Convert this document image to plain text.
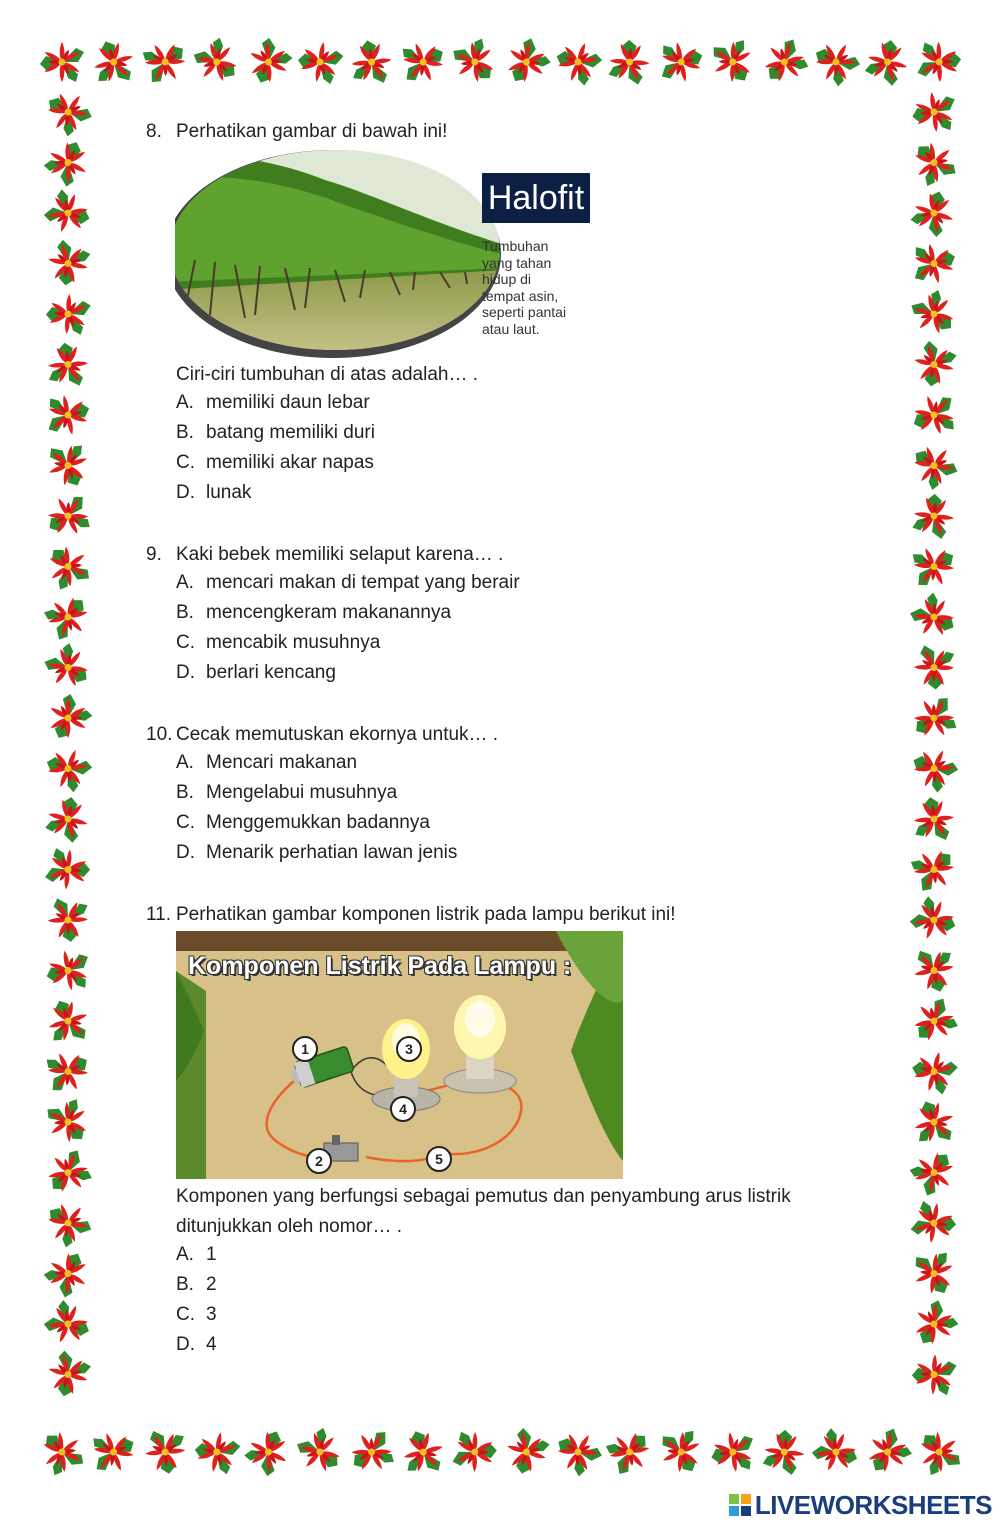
8. Perhatikan gambar di bawah ini!
Halofit
Tumbuhan
yang tahan
hidup di
tempat asin,
seperti pantai
atau laut.
Ciri-ciri tumbuhan di atas adalah… .
A. memiliki daun lebar
B. batang memiliki duri
C. memiliki akar napas
D. lunak
9. Kaki bebek memiliki selaput karena… .
A. mencari makan di tempat yang berair
B. mencengkeram makanannya
C. mencabik musuhnya
D. berlari kencang
10. Cecak memutuskan ekornya untuk… .
A. Mencari makanan
B. Mengelabui musuhnya
C. Menggemukkan badannya
D. Menarik perhatian lawan jenis
11. Perhatikan gambar komponen listrik pada lampu berikut ini!
Komponen Listrik Pada Lampu :
1
2
3
4
5
Komponen yang berfungsi sebagai pemutus dan penyambung arus listrik
ditunjukkan oleh nomor… .
A. 1
B. 2
C. 3
D. 4
LIVEWORKSHEETS
